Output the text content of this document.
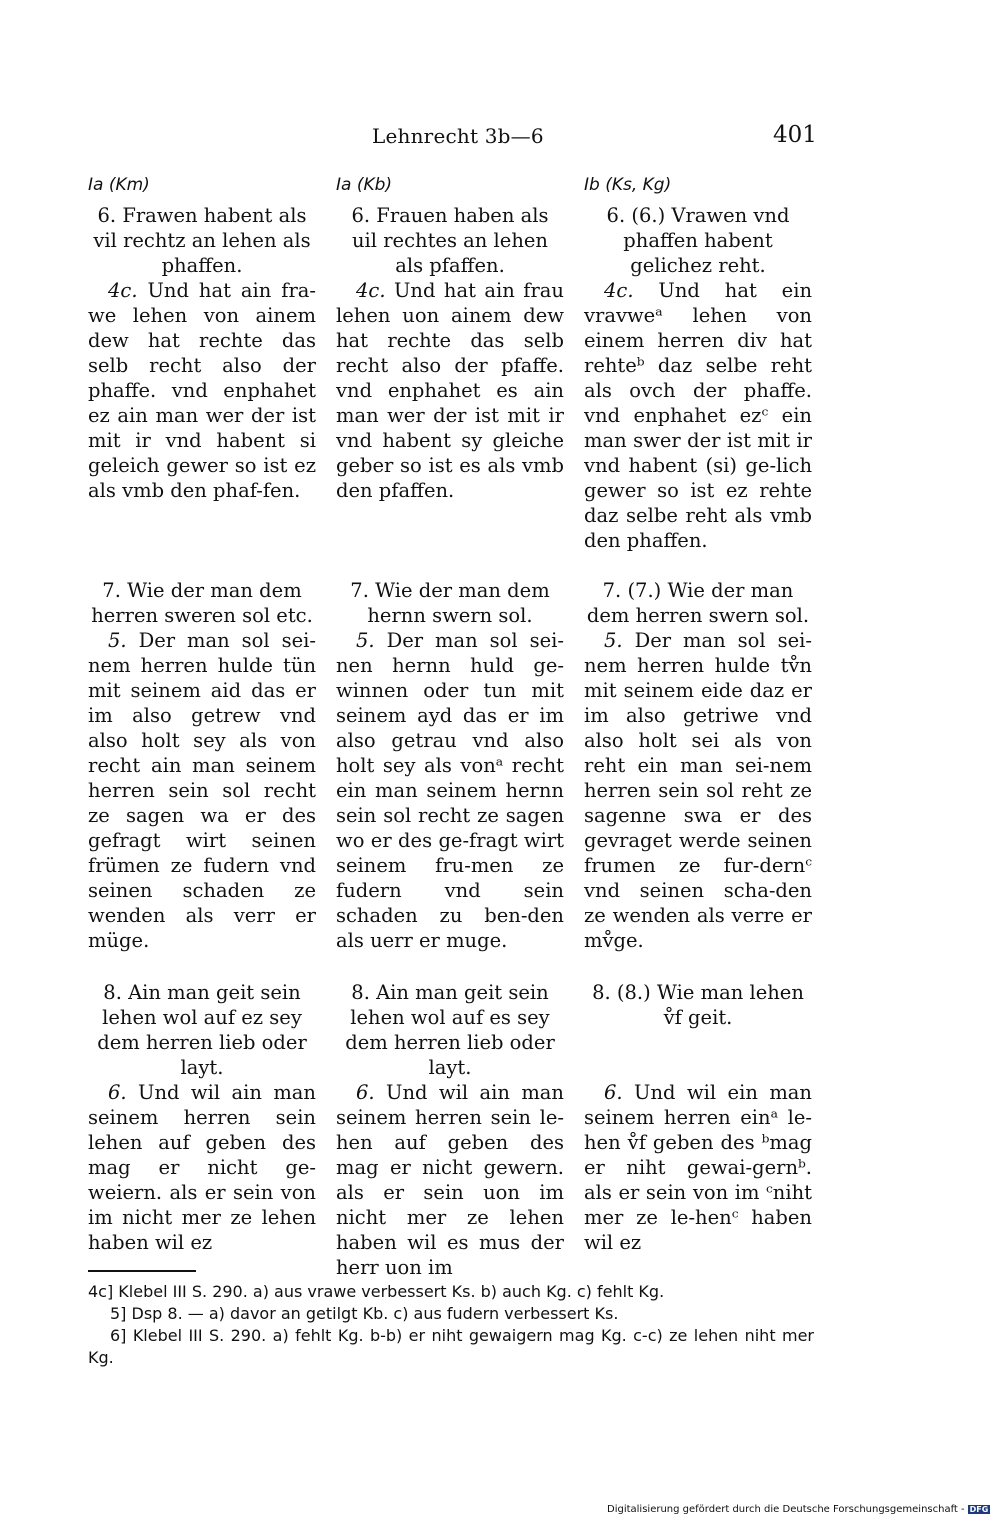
Lehnrecht 3b—6	401
Ia (Km)
6. Frawen habent als vil rechtz an lehen als phaffen.
4c. Und hat ain fra-we lehen von ainem dew hat rechte das selb recht also der phaffe. vnd enphahet ez ain man wer der ist mit ir vnd habent si geleich gewer so ist ez als vmb den phaf-fen.
7. Wie der man dem herren sweren sol etc.
5. Der man sol sei-nem herren hulde tün mit seinem aid das er im also getrew vnd also holt sey als von recht ain man seinem herren sein sol recht ze sagen wa er des gefragt wirt seinen frümen ze fudern vnd seinen schaden ze wenden als verr er müge.
8. Ain man geit sein lehen wol auf ez sey dem herren lieb oder layt.
6. Und wil ain man seinem herren sein lehen auf geben des mag er nicht ge-weiern. als er sein von im nicht mer ze lehen haben wil ez
Ia (Kb)
6. Frauen haben als uil rechtes an lehen als pfaffen.
4c. Und hat ain frau lehen uon ainem dew hat rechte das selb recht also der pfaffe. vnd enphahet es ain man wer der ist mit ir vnd habent sy gleiche geber so ist es als vmb den pfaffen.
7. Wie der man dem hernn swern sol.
5. Der man sol sei-nen hernn huld ge-winnen oder tun mit seinem ayd das er im also getrau vnd also holt sey als vonᵃ recht ein man seinem hernn sein sol recht ze sagen wo er des ge-fragt wirt seinem fru-men ze fudern vnd sein schaden zu ben-den als uerr er muge.
8. Ain man geit sein lehen wol auf es sey dem herren lieb oder layt.
6. Und wil ain man seinem herren sein le-hen auf geben des mag er nicht gewern. als er sein uon im nicht mer ze lehen haben wil es mus der herr uon im
Ib (Ks, Kg)
6. (6.) Vrawen vnd phaffen habent gelichez reht.
4c. Und hat ein vravweᵃ lehen von einem herren div hat rehteᵇ daz selbe reht als ovch der phaffe. vnd enphahet ezᶜ ein man swer der ist mit ir vnd habent (si) ge-lich gewer so ist ez rehte daz selbe reht als vmb den phaffen.
7. (7.) Wie der man dem herren swern sol.
5. Der man sol sei-nem herren hulde tv̊n mit seinem eide daz er im also getriwe vnd also holt sei als von reht ein man sei-nem herren sein sol reht ze sagenne swa er des gevraget werde seinen frumen ze fur-dernᶜ vnd seinen scha-den ze wenden als verre er mv̊ge.
8. (8.) Wie man lehen v̊f geit.
6. Und wil ein man seinem herren einᵃ le-hen v̊f geben des ᵇmag er niht gewai-gernᵇ. als er sein von im ᶜniht mer ze le-henᶜ haben wil ez

4c] Klebel III S. 290. a) aus vrawe verbessert Ks. b) auch Kg. c) fehlt Kg.

5] Dsp 8. — a) davor an getilgt Kb. c) aus fudern verbessert Ks.

6] Klebel III S. 290. a) fehlt Kg. b-b) er niht gewaigern mag Kg. c-c) ze lehen niht mer Kg.

Digitalisierung gefördert durch die Deutsche Forschungsgemeinschaft - DFG
